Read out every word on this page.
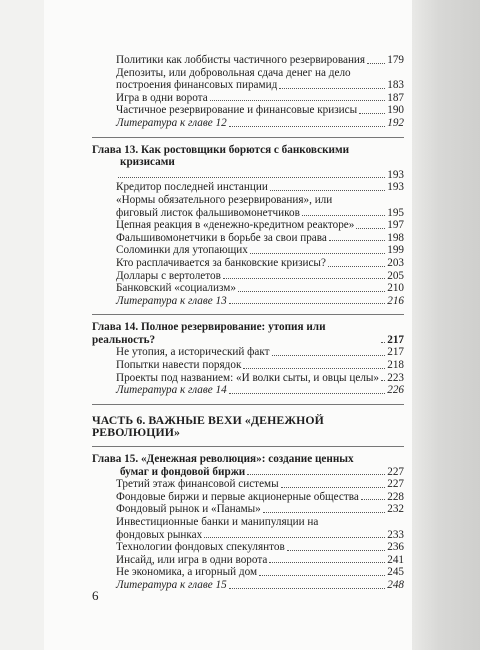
Политики как лоббисты частичного резервирования 179
Депозиты, или добровольная сдача денег на дело
построения финансовых пирамид	183
Игра в одни ворота	187
Частичное резервирование и финансовые кризисы	190
Литература к главе 12	192
Глава 13. Как ростовщики борются с банковскими
кризисами
193
Кредитор последней инстанции	193
«Нормы обязательного резервирования», или
фиговый листок фальшивомонетчиков	195
Цепная реакция в «денежно-кредитном реакторе»	197
Фальшивомонетчики в борьбе за свои права	198
Соломинки для утопающих	199
Кто расплачивается за банковские кризисы?	203
Доллары с вертолетов	205
Банковский «социализм»	210
Литература к главе 13	216
Глава 14. Полное резервирование: утопия или реальность?	217
Не утопия, а исторический факт	217
Попытки навести порядок	218
Проекты под названием: «И волки сыты, и овцы целы» 223
Литература к главе 14	226
ЧАСТЬ 6. ВАЖНЫЕ ВЕХИ «ДЕНЕЖНОЙ РЕВОЛЮЦИИ»
Глава 15. «Денежная революция»: создание ценных
бумаг и фондовой биржи	227
Третий этаж финансовой системы	227
Фондовые биржи и первые акционерные общества	228
Фондовый рынок и «Панамы»	232
Инвестиционные банки и манипуляции на
фондовых рынках	233
Технологии фондовых спекулянтов	236
Инсайд, или игра в одни ворота	241
Не экономика, а игорный дом	245
Литература к главе 15	248
6
